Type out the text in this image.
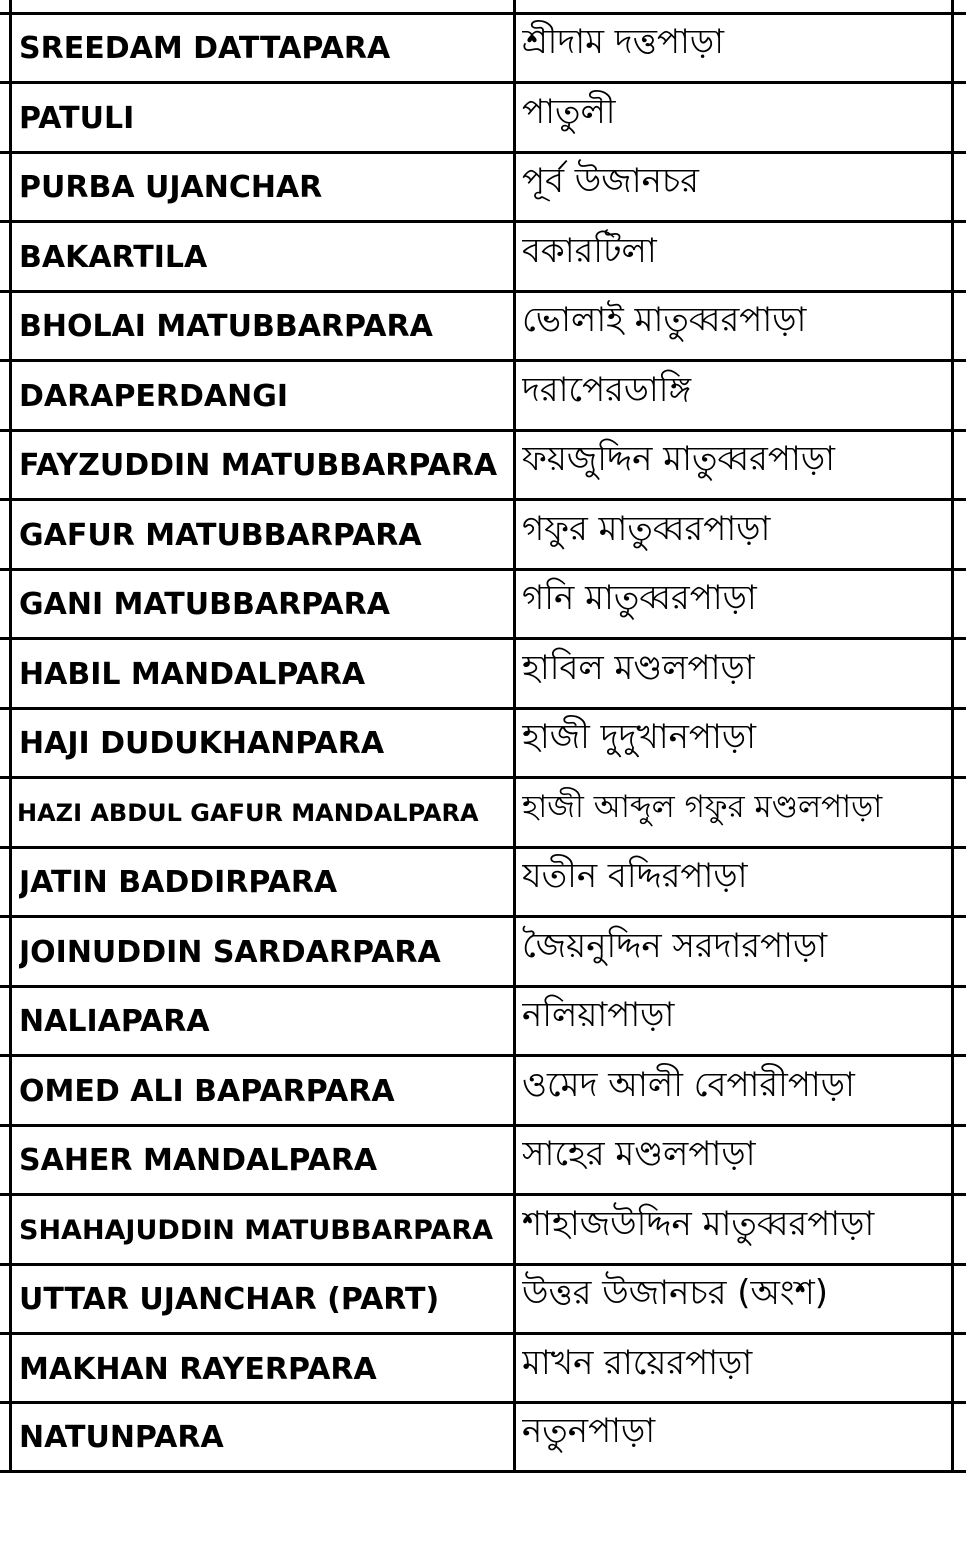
SREEDAM DATTAPARA	শ্রীদাম দত্তপাড়া
PATULI	পাতুলী
PURBA UJANCHAR	পূর্ব উজানচর
BAKARTILA	বকারটিলা
BHOLAI MATUBBARPARA	ভোলাই মাতুব্বরপাড়া
DARAPERDANGI	দরাপেরডাঙ্গি
FAYZUDDIN MATUBBARPARA ফয়জুদ্দিন মাতুব্বরপাড়া
GAFUR MATUBBARPARA	গফুর মাতুব্বরপাড়া
GANI MATUBBARPARA	গনি মাতুব্বরপাড়া
HABIL MANDALPARA	হাবিল মণ্ডলপাড়া
HAJI DUDUKHANPARA	হাজী দুদুখানপাড়া
HAZI ABDUL GAFUR MANDALPARA	হাজী আব্দুল গফুর মণ্ডলপাড়া
JATIN BADDIRPARA	যতীন বদ্দিরপাড়া
JOINUDDIN SARDARPARA	জৈয়নুদ্দিন সরদারপাড়া
NALIAPARA	নলিয়াপাড়া
OMED ALI BAPARPARA	ওমেদ আলী বেপারীপাড়া
SAHER MANDALPARA	সাহের মণ্ডলপাড়া
SHAHAJUDDIN MATUBBARPARA শাহাজউদ্দিন মাতুব্বরপাড়া
UTTAR UJANCHAR (PART)	উত্তর উজানচর (অংশ)
MAKHAN RAYERPARA	মাখন রায়েরপাড়া
NATUNPARA	নতুনপাড়া
